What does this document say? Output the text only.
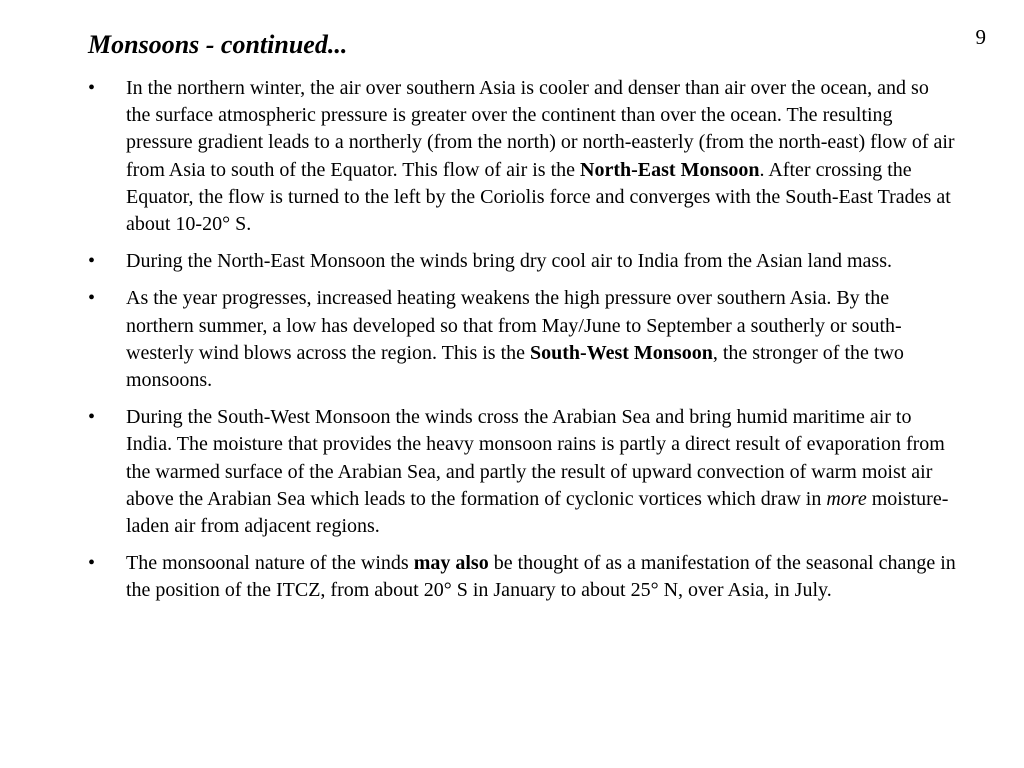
9
Monsoons - continued...
• In the northern winter, the air over southern Asia is cooler and denser than air over the ocean, and so the surface atmospheric pressure is greater over the continent than over the ocean. The resulting pressure gradient leads to a northerly (from the north) or north-easterly (from the north-east) flow of air from Asia to south of the Equator. This flow of air is the North-East Monsoon. After crossing the Equator, the flow is turned to the left by the Coriolis force and converges with the South-East Trades at about 10-20° S.
• During the North-East Monsoon the winds bring dry cool air to India from the Asian land mass.
• As the year progresses, increased heating weakens the high pressure over southern Asia. By the northern summer, a low has developed so that from May/June to September a southerly or south-westerly wind blows across the region. This is the South-West Monsoon, the stronger of the two monsoons.
• During the South-West Monsoon the winds cross the Arabian Sea and bring humid maritime air to India. The moisture that provides the heavy monsoon rains is partly a direct result of evaporation from the warmed surface of the Arabian Sea, and partly the result of upward convection of warm moist air above the Arabian Sea which leads to the formation of cyclonic vortices which draw in more moisture-laden air from adjacent regions.
• The monsoonal nature of the winds may also be thought of as a manifestation of the seasonal change in the position of the ITCZ, from about 20° S in January to about 25° N, over Asia, in July.
